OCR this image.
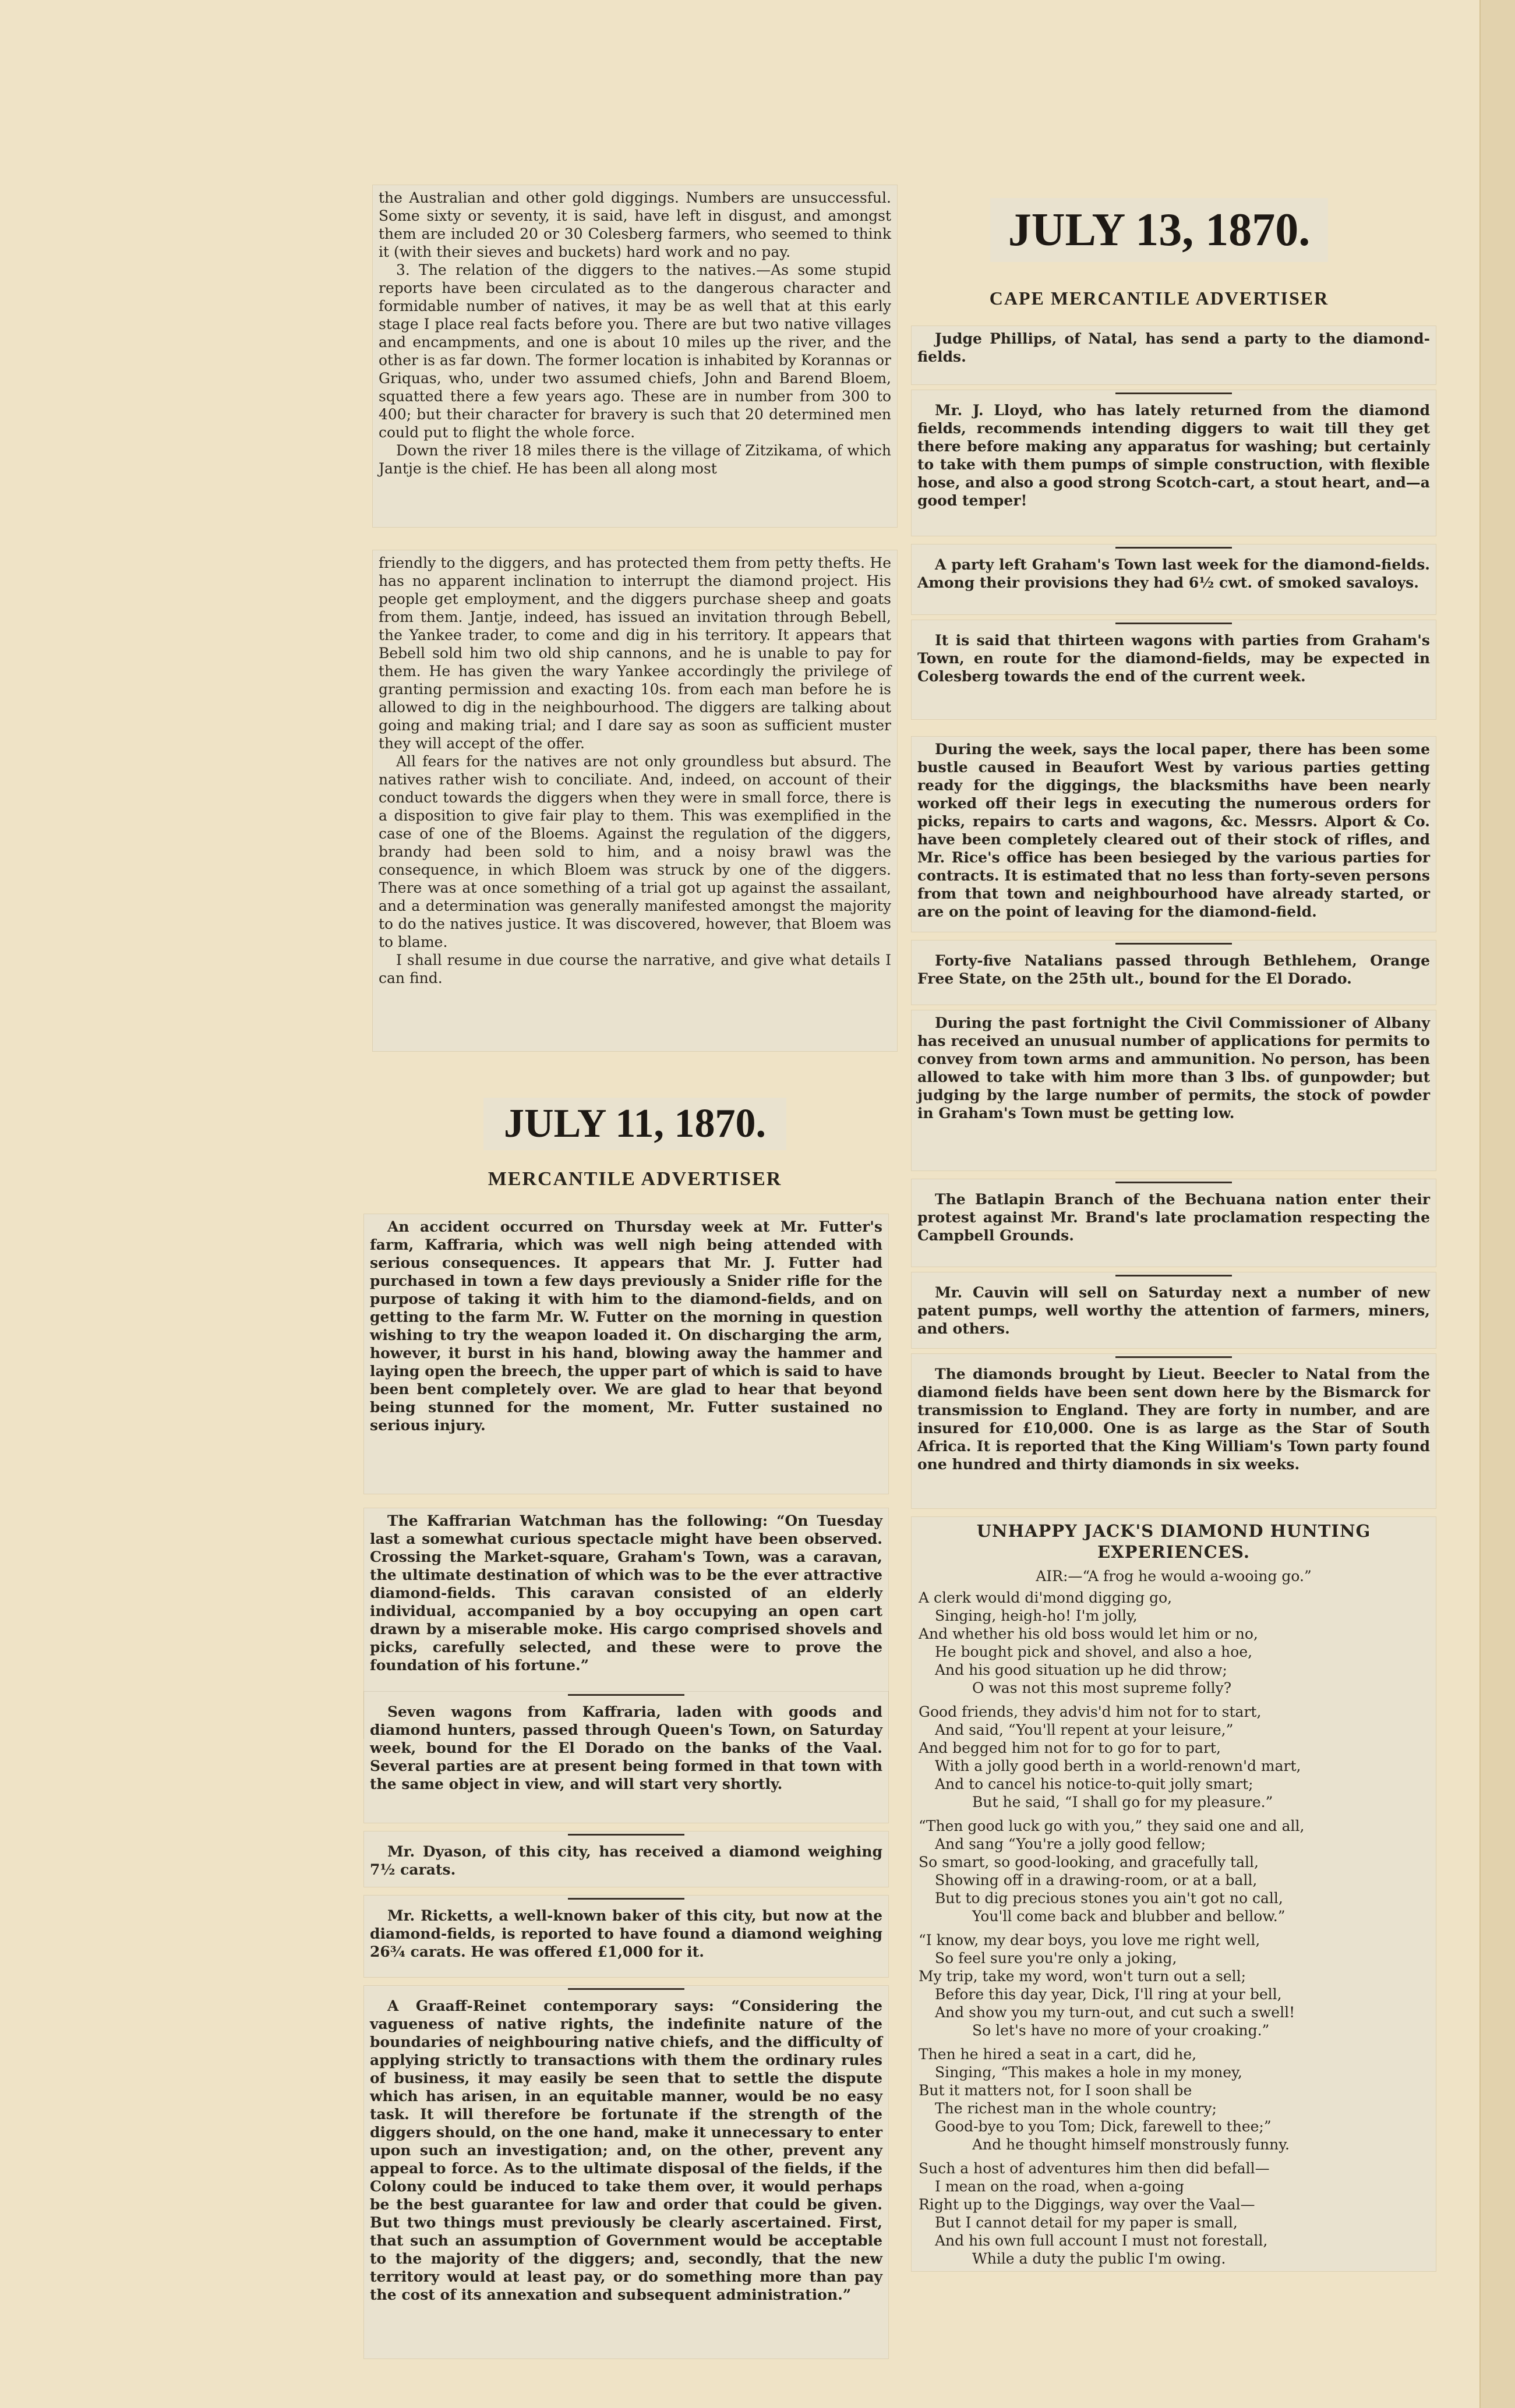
the Australian and other gold diggings. Numbers are unsuccessful. Some sixty or seventy, it is said, have left in disgust, and amongst them are included 20 or 30 Colesberg farmers, who seemed to think it (with their sieves and buckets) hard work and no pay.

3. The relation of the diggers to the natives.—As some stupid reports have been circulated as to the dangerous character and formidable number of natives, it may be as well that at this early stage I place real facts before you. There are but two native villages and encampments, and one is about 10 miles up the river, and the other is as far down. The former location is inhabited by Korannas or Griquas, who, under two assumed chiefs, John and Barend Bloem, squatted there a few years ago. These are in number from 300 to 400; but their character for bravery is such that 20 determined men could put to flight the whole force.

Down the river 18 miles there is the village of Zitzikama, of which Jantje is the chief. He has been all along most

friendly to the diggers, and has protected them from petty thefts. He has no apparent inclination to interrupt the diamond project. His people get employment, and the diggers purchase sheep and goats from them. Jantje, indeed, has issued an invitation through Bebell, the Yankee trader, to come and dig in his territory. It appears that Bebell sold him two old ship cannons, and he is unable to pay for them. He has given the wary Yankee accordingly the privilege of granting permission and exacting 10s. from each man before he is allowed to dig in the neighbourhood. The diggers are talking about going and making trial; and I dare say as soon as sufficient muster they will accept of the offer.

All fears for the natives are not only groundless but absurd. The natives rather wish to conciliate. And, indeed, on account of their conduct towards the diggers when they were in small force, there is a disposition to give fair play to them. This was exemplified in the case of one of the Bloems. Against the regulation of the diggers, brandy had been sold to him, and a noisy brawl was the consequence, in which Bloem was struck by one of the diggers. There was at once something of a trial got up against the assailant, and a determination was generally manifested amongst the majority to do the natives justice. It was discovered, however, that Bloem was to blame.

I shall resume in due course the narrative, and give what details I can find.

JULY 11, 1870.
MERCANTILE ADVERTISER

An accident occurred on Thursday week at Mr. Futter's farm, Kaffraria, which was well nigh being attended with serious consequences. It appears that Mr. J. Futter had purchased in town a few days previously a Snider rifle for the purpose of taking it with him to the diamond-fields, and on getting to the farm Mr. W. Futter on the morning in question wishing to try the weapon loaded it. On discharging the arm, however, it burst in his hand, blowing away the hammer and laying open the breech, the upper part of which is said to have been bent completely over. We are glad to hear that beyond being stunned for the moment, Mr. Futter sustained no serious injury.

The Kaffrarian Watchman has the following: “On Tuesday last a somewhat curious spectacle might have been observed. Crossing the Market-square, Graham's Town, was a caravan, the ultimate destination of which was to be the ever attractive diamond-fields. This caravan consisted of an elderly individual, accompanied by a boy occupying an open cart drawn by a miserable moke. His cargo comprised shovels and picks, carefully selected, and these were to prove the foundation of his fortune.”

Seven wagons from Kaffraria, laden with goods and diamond hunters, passed through Queen's Town, on Saturday week, bound for the El Dorado on the banks of the Vaal. Several parties are at present being formed in that town with the same object in view, and will start very shortly.

Mr. Dyason, of this city, has received a diamond weighing 7½ carats.

Mr. Ricketts, a well-known baker of this city, but now at the diamond-fields, is reported to have found a diamond weighing 26¾ carats. He was offered £1,000 for it.

A Graaff-Reinet contemporary says: “Considering the vagueness of native rights, the indefinite nature of the boundaries of neighbouring native chiefs, and the difficulty of applying strictly to transactions with them the ordinary rules of business, it may easily be seen that to settle the dispute which has arisen, in an equitable manner, would be no easy task. It will therefore be fortunate if the strength of the diggers should, on the one hand, make it unnecessary to enter upon such an investigation; and, on the other, prevent any appeal to force. As to the ultimate disposal of the fields, if the Colony could be induced to take them over, it would perhaps be the best guarantee for law and order that could be given. But two things must previously be clearly ascertained. First, that such an assumption of Government would be acceptable to the majority of the diggers; and, secondly, that the new territory would at least pay, or do something more than pay the cost of its annexation and subsequent administration.”

JULY 13, 1870.
CAPE MERCANTILE ADVERTISER

Judge Phillips, of Natal, has send a party to the diamond-fields.

Mr. J. Lloyd, who has lately returned from the diamond fields, recommends intending diggers to wait till they get there before making any apparatus for washing; but certainly to take with them pumps of simple construction, with flexible hose, and also a good strong Scotch-cart, a stout heart, and—a good temper!

A party left Graham's Town last week for the diamond-fields. Among their provisions they had 6½ cwt. of smoked savaloys.

It is said that thirteen wagons with parties from Graham's Town, en route for the diamond-fields, may be expected in Colesberg towards the end of the current week.

During the week, says the local paper, there has been some bustle caused in Beaufort West by various parties getting ready for the diggings, the blacksmiths have been nearly worked off their legs in executing the numerous orders for picks, repairs to carts and wagons, &c. Messrs. Alport & Co. have been completely cleared out of their stock of rifles, and Mr. Rice's office has been besieged by the various parties for contracts. It is estimated that no less than forty-seven persons from that town and neighbourhood have already started, or are on the point of leaving for the diamond-field.

Forty-five Natalians passed through Bethlehem, Orange Free State, on the 25th ult., bound for the El Dorado.

During the past fortnight the Civil Commissioner of Albany has received an unusual number of applications for permits to convey from town arms and ammunition. No person, has been allowed to take with him more than 3 lbs. of gunpowder; but judging by the large number of permits, the stock of powder in Graham's Town must be getting low.

The Batlapin Branch of the Bechuana nation enter their protest against Mr. Brand's late proclamation respecting the Campbell Grounds.

Mr. Cauvin will sell on Saturday next a number of new patent pumps, well worthy the attention of farmers, miners, and others.

The diamonds brought by Lieut. Beecler to Natal from the diamond fields have been sent down here by the Bismarck for transmission to England. They are forty in number, and are insured for £10,000. One is as large as the Star of South Africa. It is reported that the King William's Town party found one hundred and thirty diamonds in six weeks.

UNHAPPY JACK'S DIAMOND HUNTING EXPERIENCES.
AIR:—“A frog he would a-wooing go.”
A clerk would di'mond digging go,
Singing, heigh-ho! I'm jolly,
And whether his old boss would let him or no,
He bought pick and shovel, and also a hoe,
And his good situation up he did throw;
O was not this most supreme folly?
Good friends, they advis'd him not for to start,
And said, “You'll repent at your leisure,”
And begged him not for to go for to part,
With a jolly good berth in a world-renown'd mart,
And to cancel his notice-to-quit jolly smart;
But he said, “I shall go for my pleasure.”
“Then good luck go with you,” they said one and all,
And sang “You're a jolly good fellow;
So smart, so good-looking, and gracefully tall,
Showing off in a drawing-room, or at a ball,
But to dig precious stones you ain't got no call,
You'll come back and blubber and bellow.”
“I know, my dear boys, you love me right well,
So feel sure you're only a joking,
My trip, take my word, won't turn out a sell;
Before this day year, Dick, I'll ring at your bell,
And show you my turn-out, and cut such a swell!
So let's have no more of your croaking.”
Then he hired a seat in a cart, did he,
Singing, “This makes a hole in my money,
But it matters not, for I soon shall be
The richest man in the whole country;
Good-bye to you Tom; Dick, farewell to thee;”
And he thought himself monstrously funny.
Such a host of adventures him then did befall—
I mean on the road, when a-going
Right up to the Diggings, way over the Vaal—
But I cannot detail for my paper is small,
And his own full account I must not forestall,
While a duty the public I'm owing.
